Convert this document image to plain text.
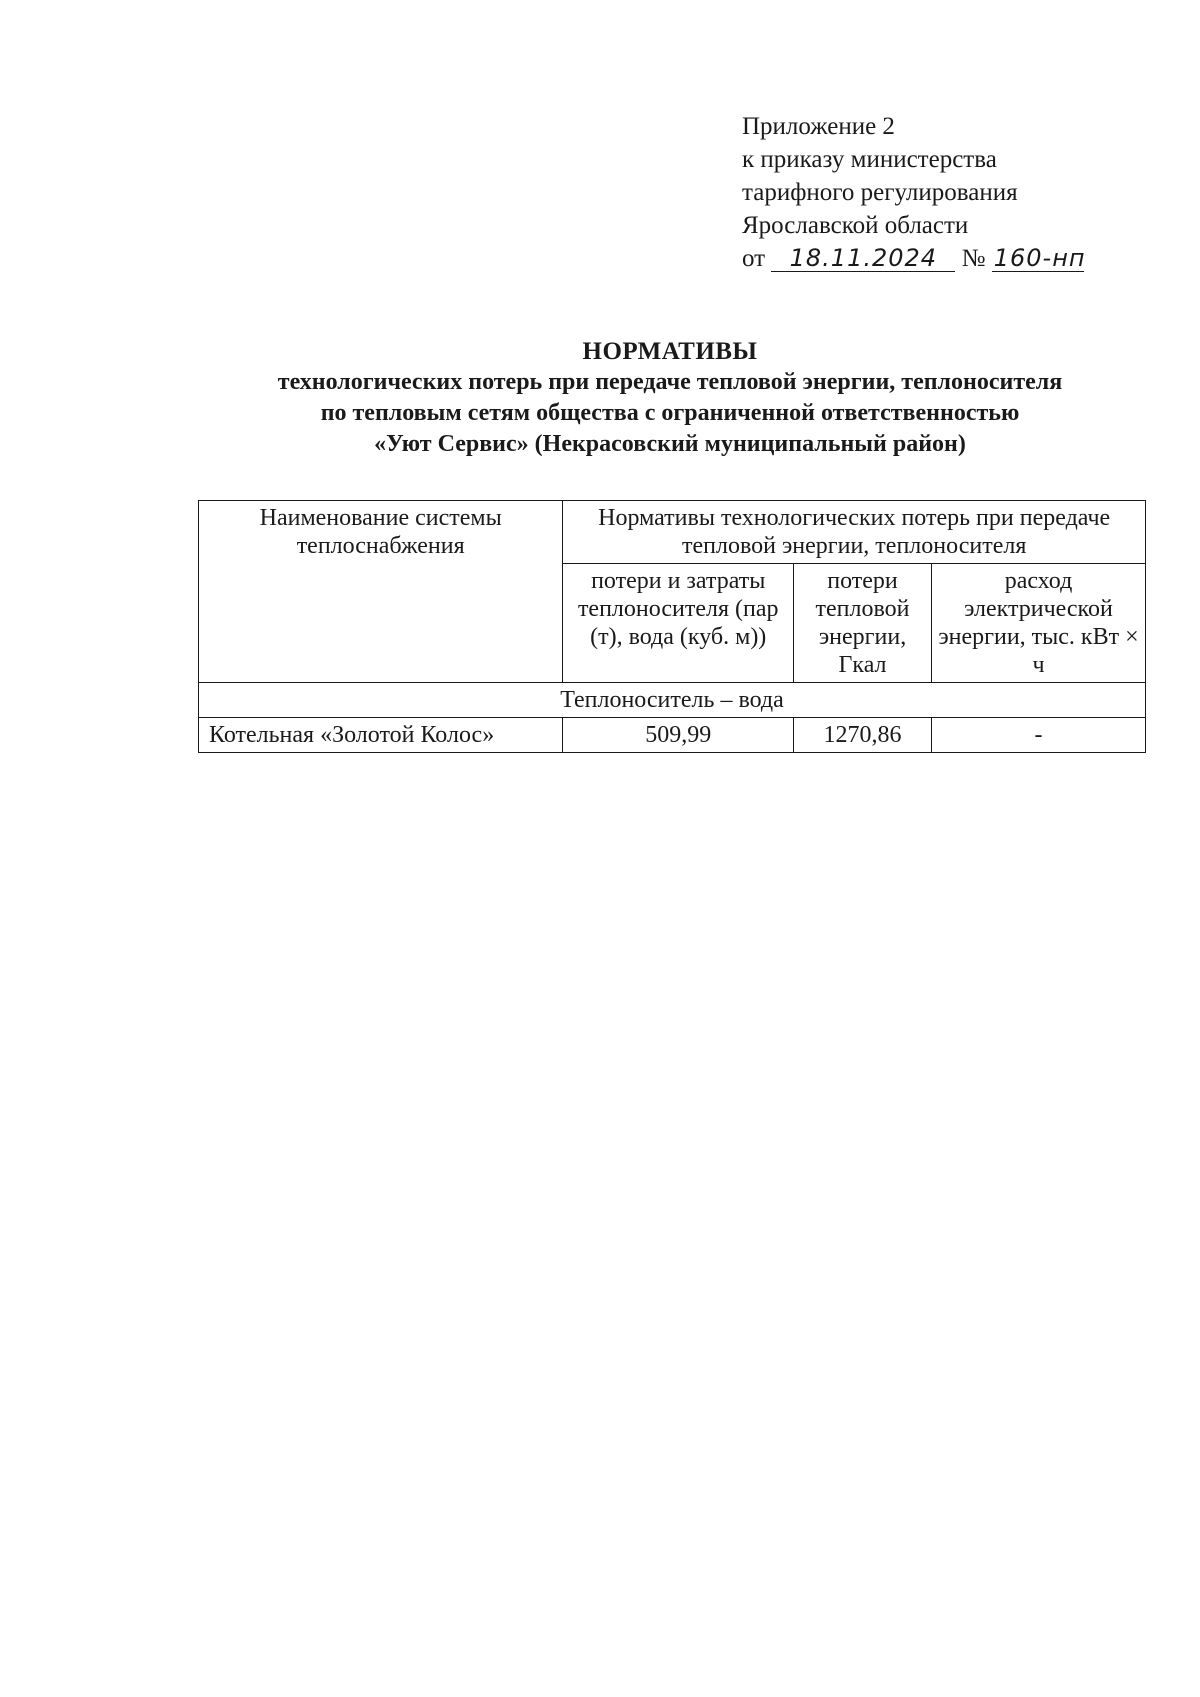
Приложение 2
к приказу министерства
тарифного регулирования
Ярославской области
от 18.11.2024 № 160-нп
НОРМАТИВЫ
технологических потерь при передаче тепловой энергии, теплоносителя
по тепловым сетям общества с ограниченной ответственностью
«Уют Сервис» (Некрасовский муниципальный район)
Наименование системы теплоснабжения	Нормативы технологических потерь при передаче тепловой энергии, теплоносителя		
	потери и затраты теплоносителя (пар (т), вода (куб. м))	потери тепловой энергии, Гкал	расход электрической энергии, тыс. кВт × ч
Теплоноситель – вода			
Котельная «Золотой Колос»	509,99	1270,86	-
